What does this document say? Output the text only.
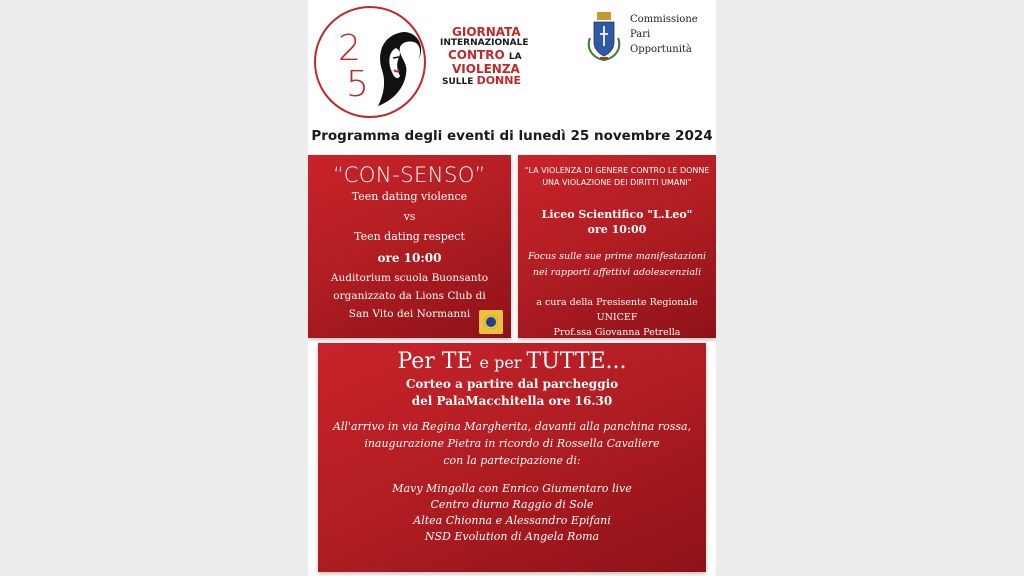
2
5
GIORNATA
INTERNAZIONALE
CONTRO LA
VIOLENZA
SULLE DONNE
Commissione
Pari Opportunità
Programma degli eventi di lunedì 25 novembre 2024
“CON-SENSO”
Teen dating violence
vs
Teen dating respect
ore 10:00
Auditorium scuola Buonsanto
organizzato da Lions Club di
San Vito dei Normanni
“LA VIOLENZA DI GENERE CONTRO LE DONNE
UNA VIOLAZIONE DEI DIRITTI UMANI”
Liceo Scientifico "L.Leo"
ore 10:00
Focus sulle sue prime manifestazioni
nei rapporti affettivi adolescenziali
a cura della Presisente Regionale UNICEF
Prof.ssa Giovanna Petrella
Per TE e per TUTTE...
Corteo a partire dal parcheggio
del PalaMacchitella ore 16.30
All'arrivo in via Regina Margherita, davanti alla panchina rossa,
inaugurazione Pietra in ricordo di Rossella Cavaliere
con la partecipazione di:
Mavy Mingolla con Enrico Giumentaro live
Centro diurno Raggio di Sole
Altea Chionna e Alessandro Epifani
NSD Evolution di Angela Roma
